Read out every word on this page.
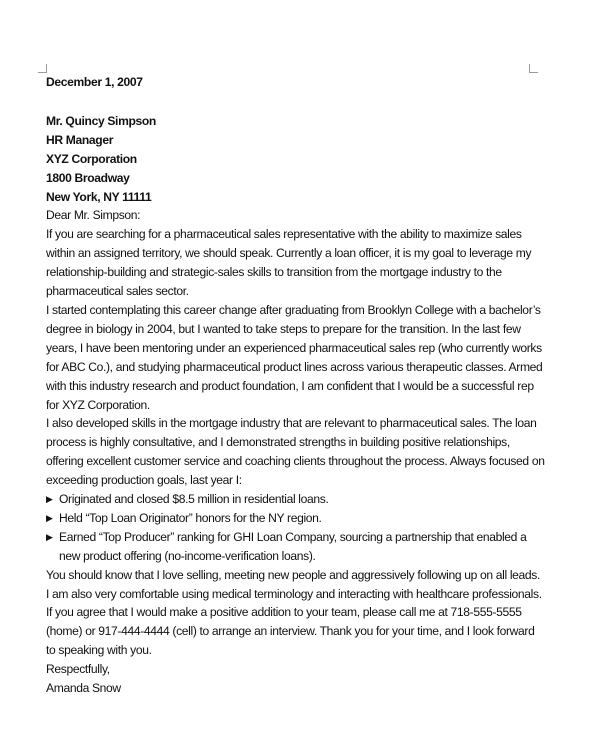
December 1, 2007

Mr. Quincy Simpson

HR Manager

XYZ Corporation

1800 Broadway

New York, NY 11111

Dear Mr. Simpson:

If you are searching for a pharmaceutical sales representative with the ability to maximize sales within an assigned territory, we should speak. Currently a loan officer, it is my goal to leverage my relationship-building and strategic-sales skills to transition from the mortgage industry to the pharmaceutical sales sector.

I started contemplating this career change after graduating from Brooklyn College with a bachelor’s degree in biology in 2004, but I wanted to take steps to prepare for the transition. In the last few years, I have been mentoring under an experienced pharmaceutical sales rep (who currently works for ABC Co.), and studying pharmaceutical product lines across various therapeutic classes. Armed with this industry research and product foundation, I am confident that I would be a successful rep for XYZ Corporation.

I also developed skills in the mortgage industry that are relevant to pharmaceutical sales. The loan process is highly consultative, and I demonstrated strengths in building positive relationships, offering excellent customer service and coaching clients throughout the process. Always focused on exceeding production goals, last year I:

▶ Originated and closed $8.5 million in residential loans.
▶ Held “Top Loan Originator” honors for the NY region.
▶ Earned “Top Producer” ranking for GHI Loan Company, sourcing a partnership that enabled a new product offering (no-income-verification loans).

You should know that I love selling, meeting new people and aggressively following up on all leads. I am also very comfortable using medical terminology and interacting with healthcare professionals. If you agree that I would make a positive addition to your team, please call me at 718-555-5555 (home) or 917-444-4444 (cell) to arrange an interview. Thank you for your time, and I look forward to speaking with you.

Respectfully,

Amanda Snow
